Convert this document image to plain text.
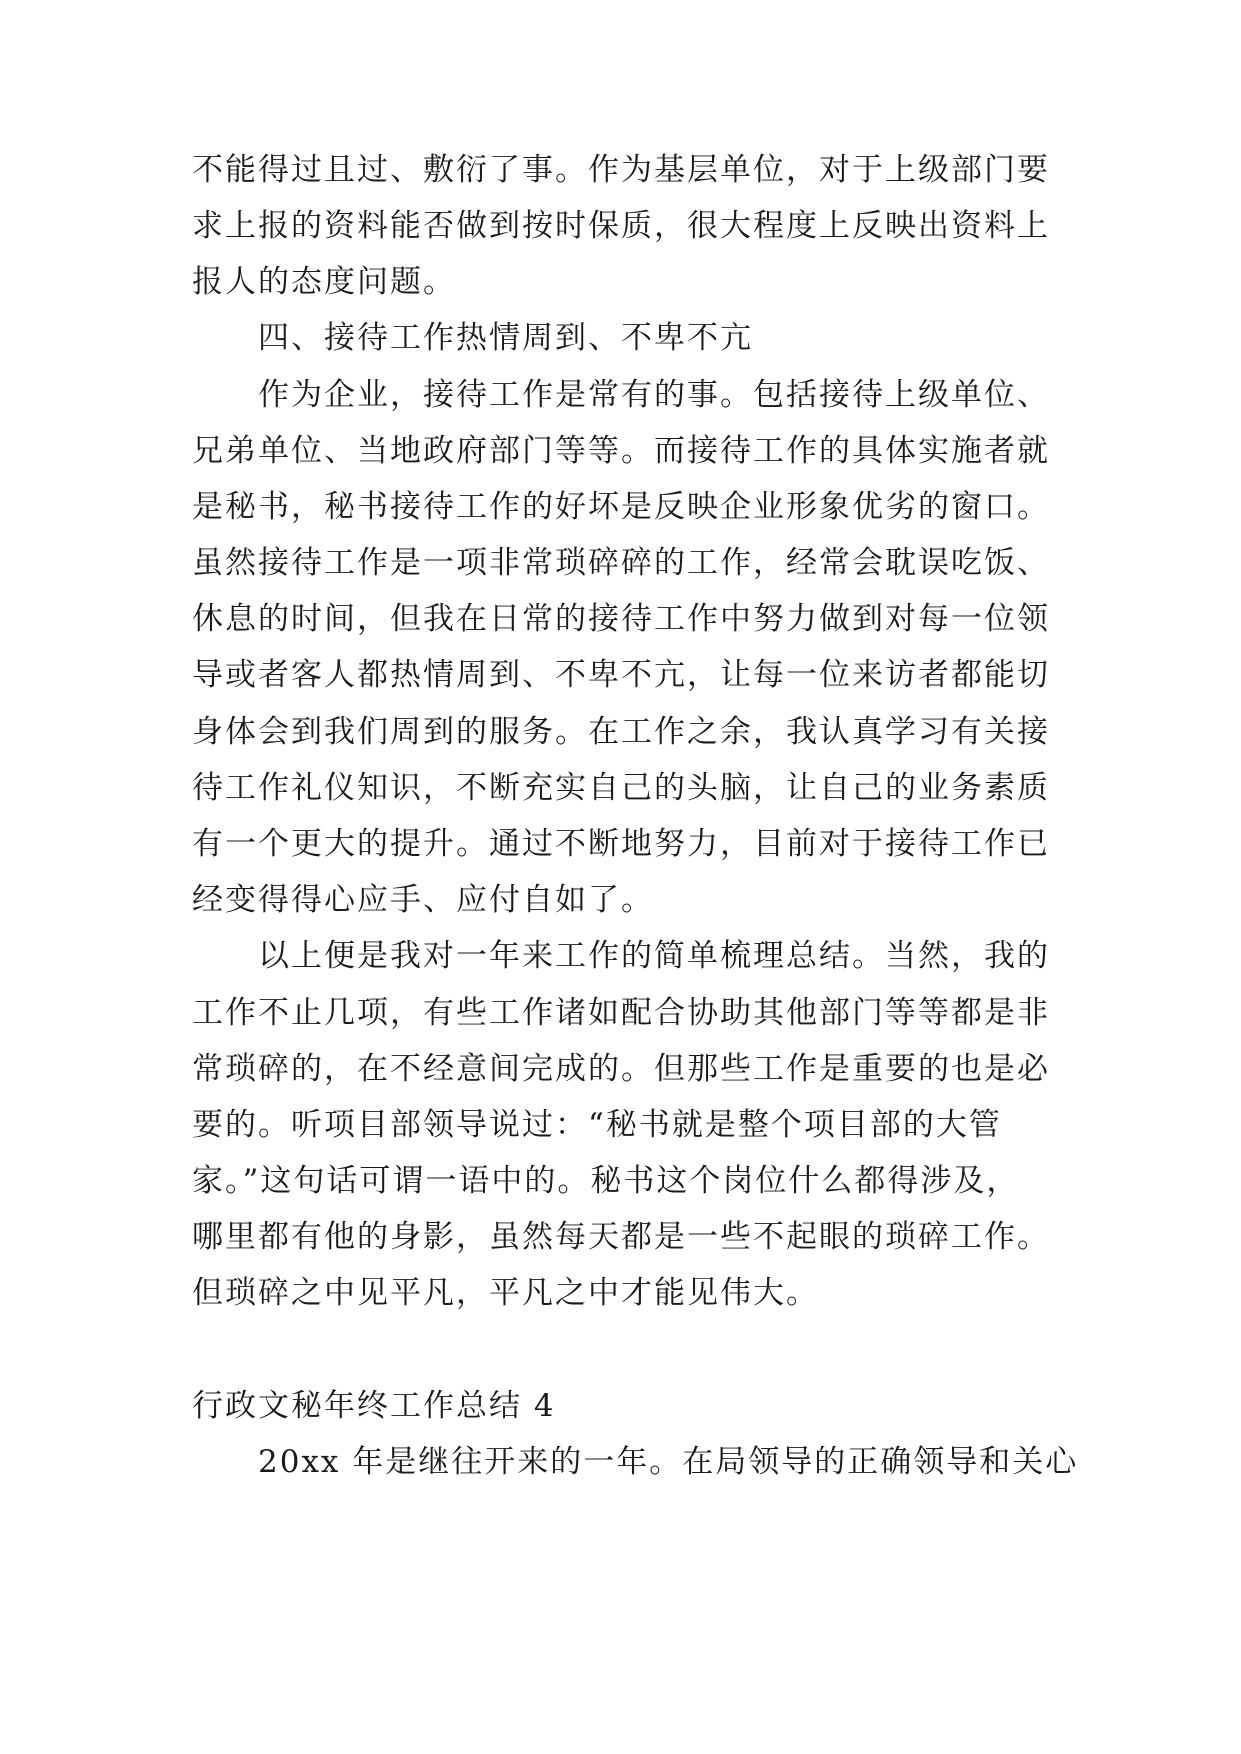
不能得过且过、敷衍了事。作为基层单位，对于上级部门要
求上报的资料能否做到按时保质，很大程度上反映出资料上
报人的态度问题。
四、接待工作热情周到、不卑不亢
作为企业，接待工作是常有的事。包括接待上级单位、
兄弟单位、当地政府部门等等。而接待工作的具体实施者就
是秘书，秘书接待工作的好坏是反映企业形象优劣的窗口。
虽然接待工作是一项非常琐碎碎的工作，经常会耽误吃饭、
休息的时间，但我在日常的接待工作中努力做到对每一位领
导或者客人都热情周到、不卑不亢，让每一位来访者都能切
身体会到我们周到的服务。在工作之余，我认真学习有关接
待工作礼仪知识，不断充实自己的头脑，让自己的业务素质
有一个更大的提升。通过不断地努力，目前对于接待工作已
经变得得心应手、应付自如了。
以上便是我对一年来工作的简单梳理总结。当然，我的
工作不止几项，有些工作诸如配合协助其他部门等等都是非
常琐碎的，在不经意间完成的。但那些工作是重要的也是必
要的。听项目部领导说过：“秘书就是整个项目部的大管
家。”这句话可谓一语中的。秘书这个岗位什么都得涉及，
哪里都有他的身影，虽然每天都是一些不起眼的琐碎工作。
但琐碎之中见平凡，平凡之中才能见伟大。
行政文秘年终工作总结 4
20xx 年是继往开来的一年。在局领导的正确领导和关心
